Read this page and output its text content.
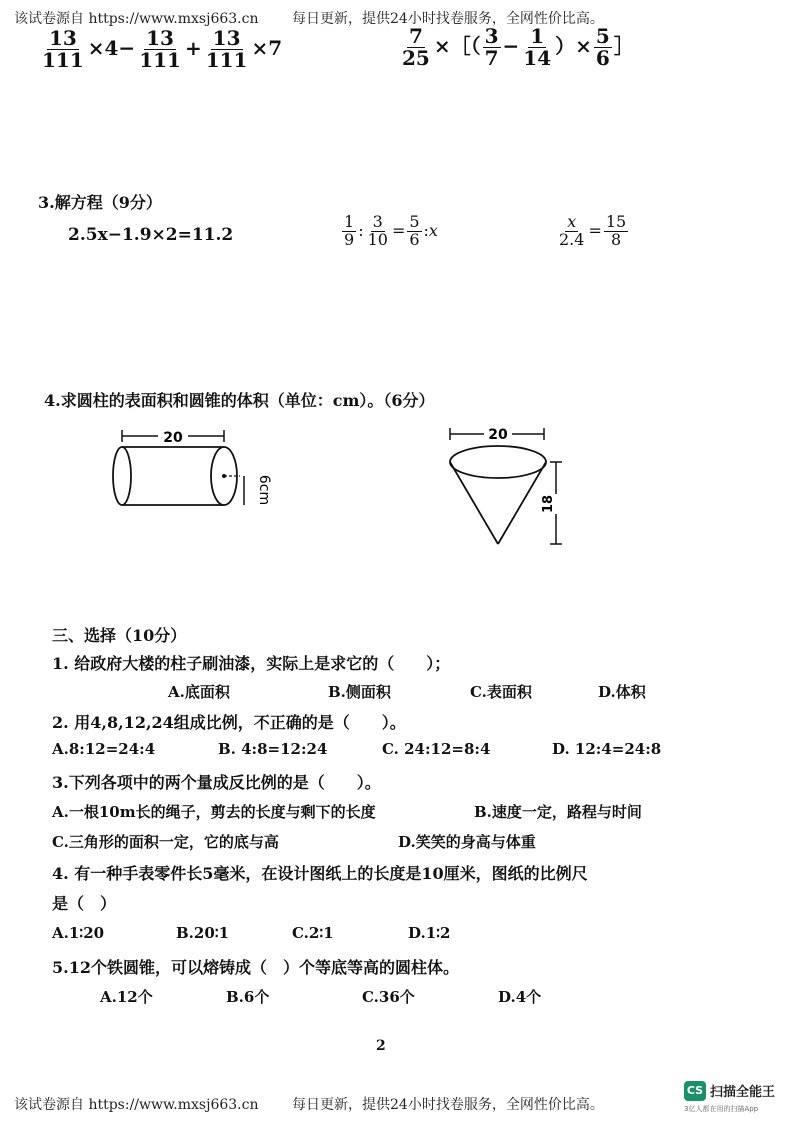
该试卷源自 https://www.mxsj663.cn 每日更新，提供24小时找卷服务，全网性价比高。
$\frac{13}{111} \times 4- \frac{13}{111} + \frac{13}{111} \times 7$	$\frac{7}{25}$ ×［（ $\frac{3}{7} - \frac{1}{14}$ ）× $\frac{5}{6}$ ］
3.解方程（9分）
2.5x−1.9×2=11.2	$\frac{1}{9}$ : $\frac{3}{10} = \frac{5}{6}$ :x	$\frac{x}{2.4} = \frac{15}{8}$
4.求圆柱的表面积和圆锥的体积（单位：cm）。（6分）
20
6cm
20
18
三、选择（10分）
1. 给政府大楼的柱子刷油漆，实际上是求它的（　　）；
A.底面积	B.侧面积	C.表面积	D.体积
2. 用4,8,12,24组成比例，不正确的是（　　）。
A.8:12=24:4	B. 4:8=12:24	C. 24:12=8:4	D. 12:4=24:8
3.下列各项中的两个量成反比例的是（　　）。
A.一根10m长的绳子，剪去的长度与剩下的长度	B.速度一定，路程与时间
C.三角形的面积一定，它的底与高	D.笑笑的身高与体重
4. 有一种手表零件长5毫米，在设计图纸上的长度是10厘米，图纸的比例尺
是（　）
A.1∶20	B.20∶1	C.2∶1	D.1∶2
5.12个铁圆锥，可以熔铸成（　）个等底等高的圆柱体。
A.12个	B.6个	C.36个	D.4个
2
该试卷源自 https://www.mxsj663.cn 每日更新，提供24小时找卷服务，全网性价比高。
CS 扫描全能王
3亿人都在用的扫描App
